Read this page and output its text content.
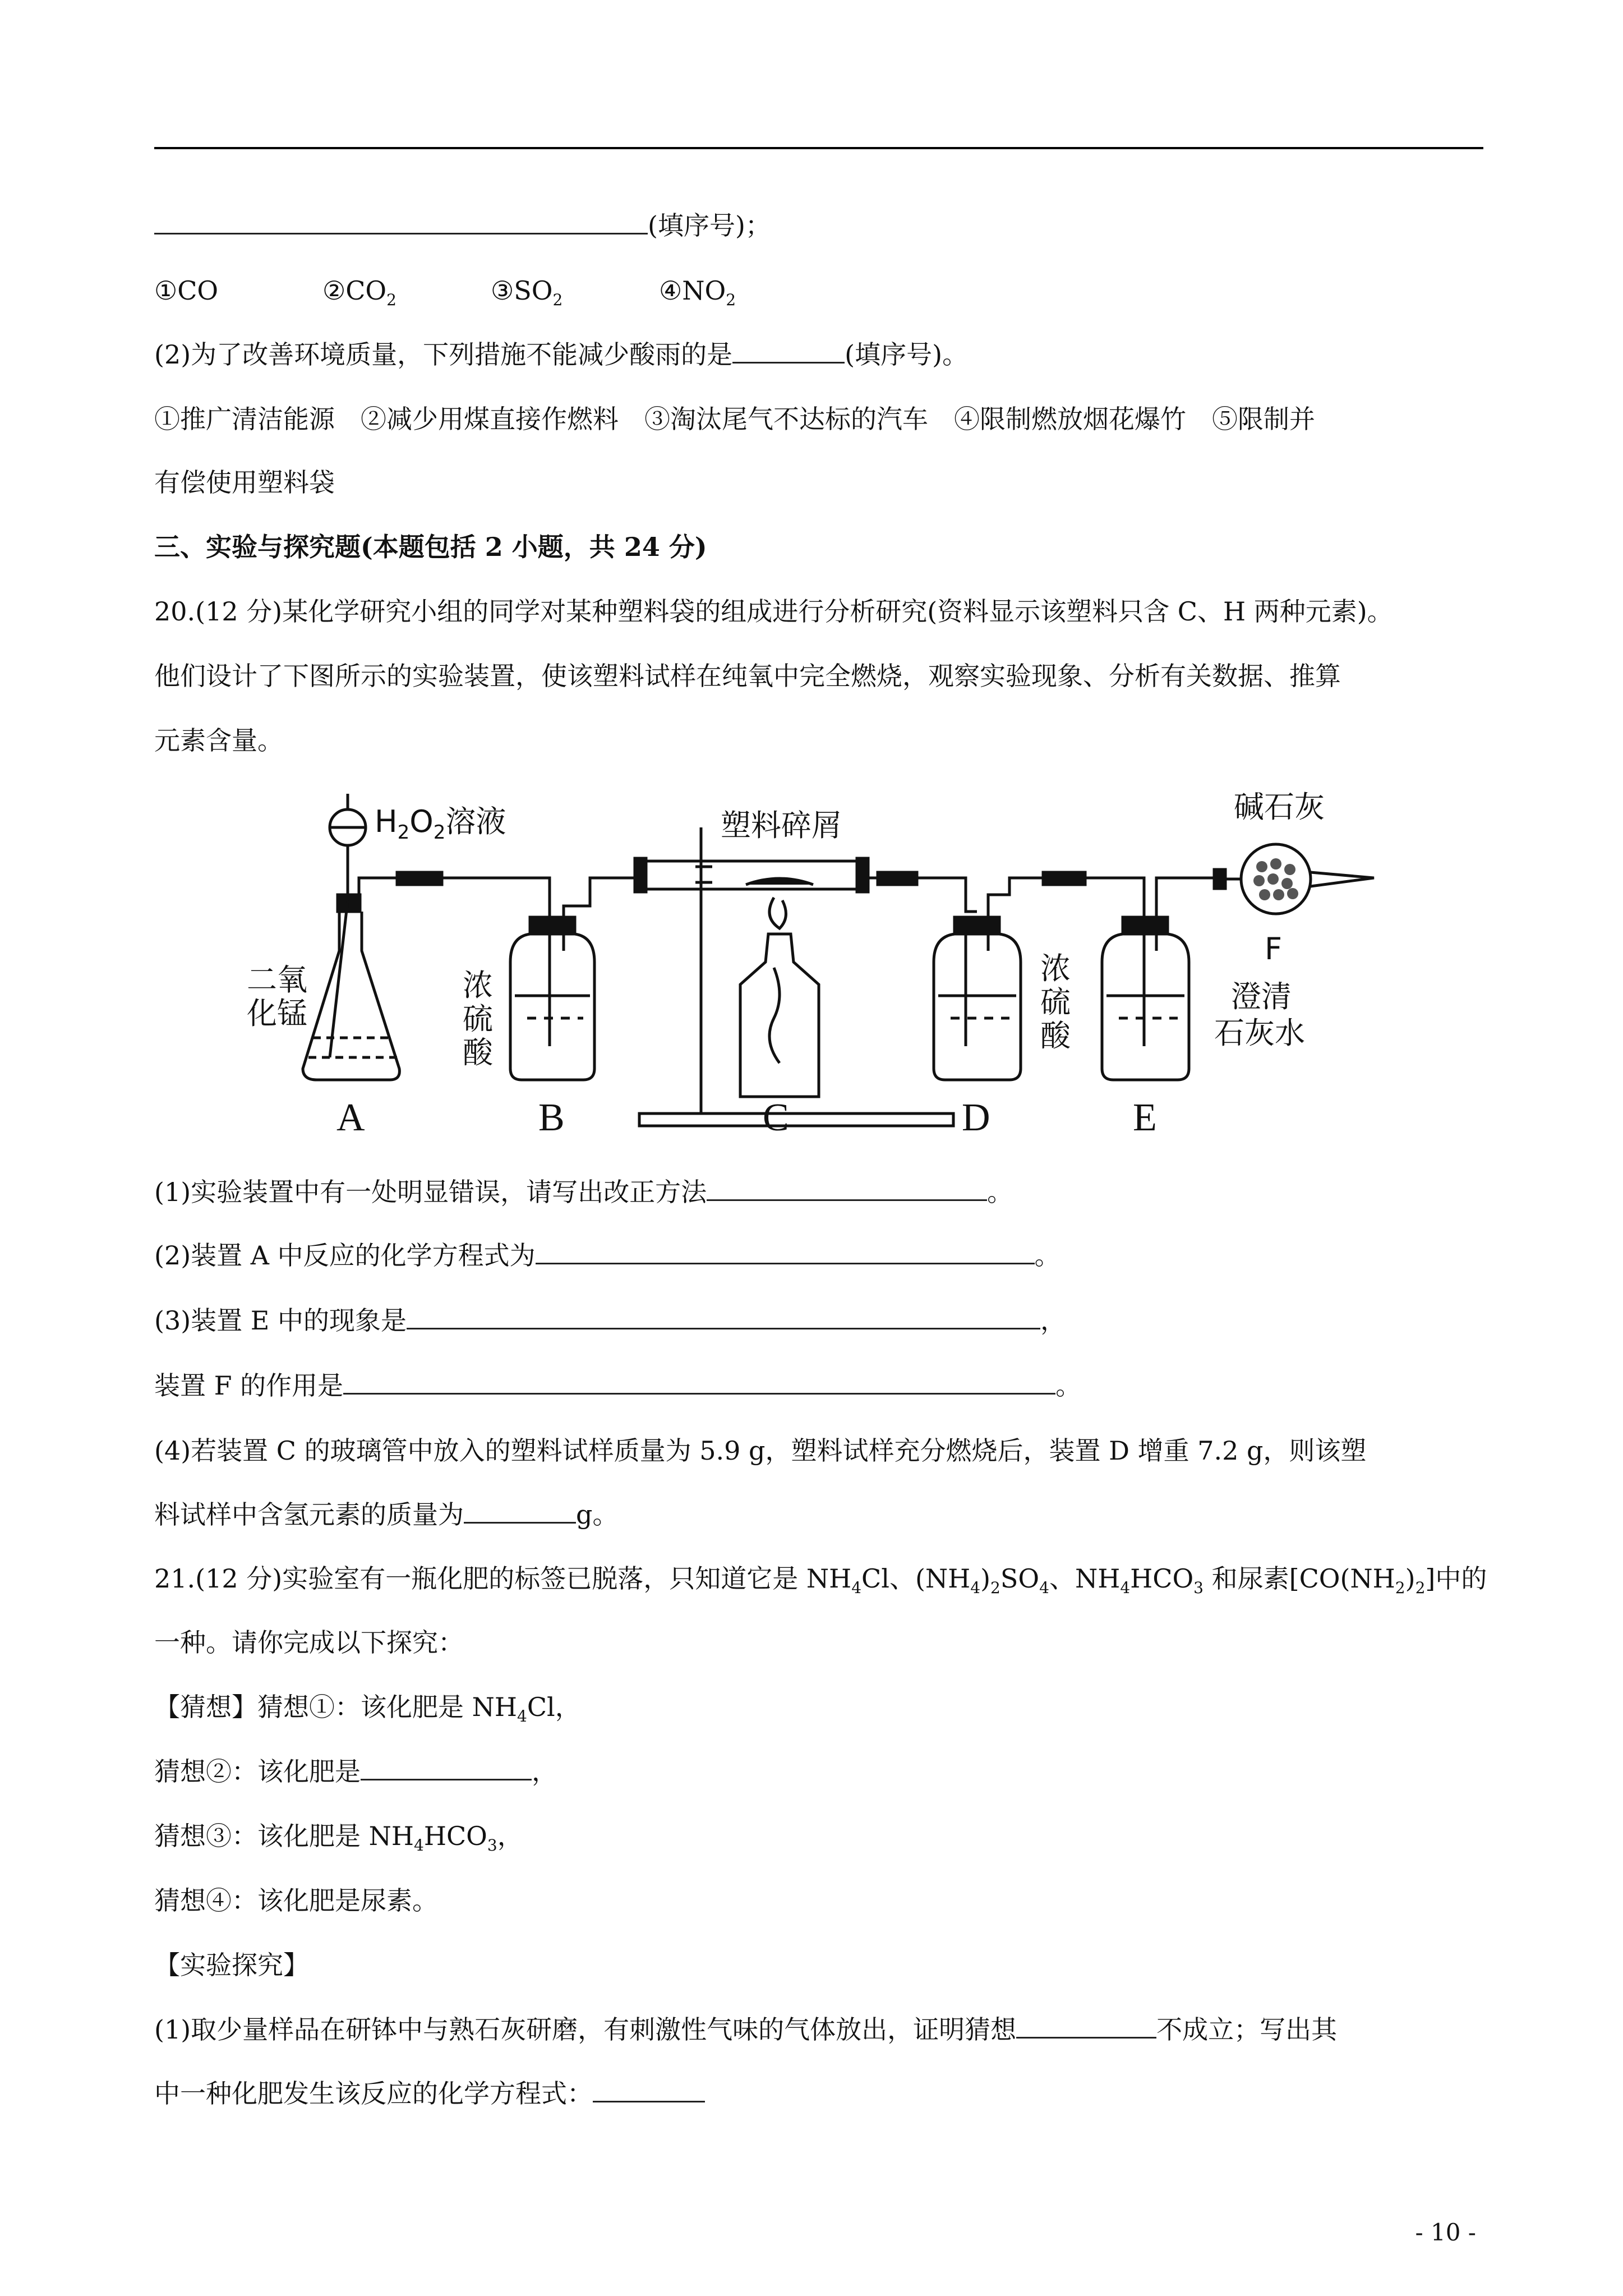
(填序号)；
①CO	$②CO_2$	$③SO_2$	$④NO_2$
(2)为了改善环境质量，下列措施不能减少酸雨的是	(填序号)。
①推广清洁能源　②减少用煤直接作燃料　③淘汰尾气不达标的汽车　④限制燃放烟花爆竹　⑤限制并
有偿使用塑料袋
三、实验与探究题(本题包括 2 小题，共 24 分)
20.(12 分)某化学研究小组的同学对某种塑料袋的组成进行分析研究(资料显示该塑料只含 C、H 两种元素)。
他们设计了下图所示的实验装置，使该塑料试样在纯氧中完全燃烧，观察实验现象、分析有关数据、推算
元素含量。
$H_2O_2$溶液
二氧
化锰
浓
硫
酸
塑料碎屑
浓
硫
酸
碱石灰
F
澄清
石灰水
A	B	C	D	E
(1)实验装置中有一处明显错误，请写出改正方法	。
(2)装置 A 中反应的化学方程式为	。
(3)装置 E 中的现象是	，
装置 F 的作用是	。
(4)若装置 C 的玻璃管中放入的塑料试样质量为 5.9 g，塑料试样充分燃烧后，装置 D 增重 7.2 g，则该塑
料试样中含氢元素的质量为	g。
21.(12 分)实验室有一瓶化肥的标签已脱落，只知道它是 $NH_4Cl$、$(NH_4)_2SO_4$、$NH_4HCO_3$ 和尿素$[CO(NH_2)_2]$中的
一种。请你完成以下探究：
【猜想】猜想①：该化肥是 $NH_4Cl$，
猜想②：该化肥是	，
猜想③：该化肥是 $NH_4HCO_3$，
猜想④：该化肥是尿素。
【实验探究】
(1)取少量样品在研钵中与熟石灰研磨，有刺激性气味的气体放出，证明猜想	不成立；写出其
中一种化肥发生该反应的化学方程式：
- 10 -
